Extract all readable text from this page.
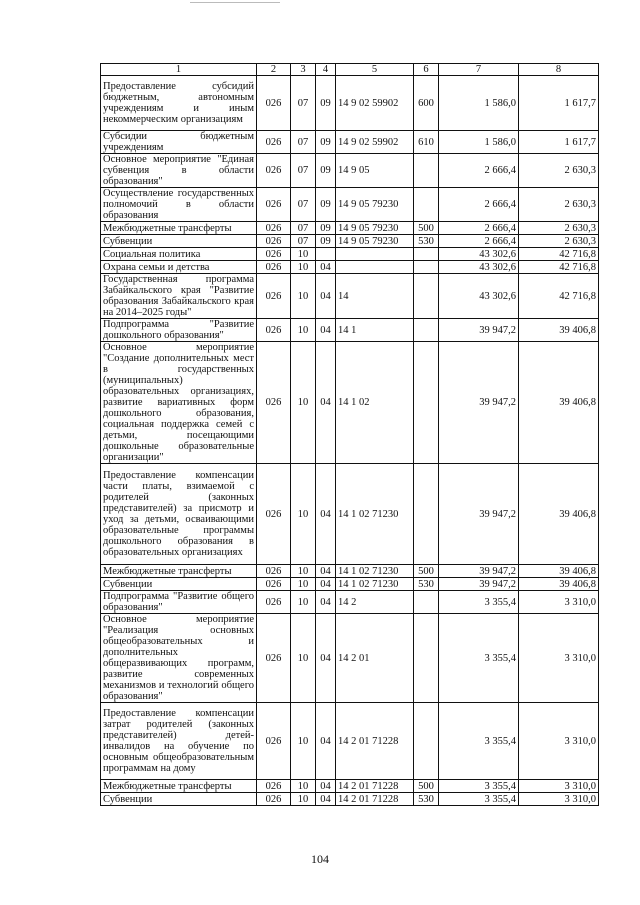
1	2	3	4	5	6	7	8
Предоставление субсидий бюджетным, автономным учреждениям и иным некоммерческим организациям	026	07	09	14 9 02 59902	600	1 586,0	1 617,7
Субсидии бюджетным учреждениям	026	07	09	14 9 02 59902	610	1 586,0	1 617,7
Основное мероприятие "Единая субвенция в области образования"	026	07	09	14 9 05		2 666,4	2 630,3
Осуществление государственных полномочий в области образования	026	07	09	14 9 05 79230		2 666,4	2 630,3
Межбюджетные трансферты	026	07	09	14 9 05 79230	500	2 666,4	2 630,3
Субвенции	026	07	09	14 9 05 79230	530	2 666,4	2 630,3
Социальная политика	026	10				43 302,6	42 716,8
Охрана семьи и детства	026	10	04			43 302,6	42 716,8
Государственная программа Забайкальского края "Развитие образования Забайкальского края на 2014–2025 годы"	026	10	04	14		43 302,6	42 716,8
Подпрограмма "Развитие дошкольного образования"	026	10	04	14 1		39 947,2	39 406,8
Основное мероприятие "Создание дополнительных мест в государственных (муниципальных) образовательных организациях, развитие вариативных форм дошкольного образования, социальная поддержка семей с детьми, посещающими дошкольные образовательные организации"	026	10	04	14 1 02		39 947,2	39 406,8
Предоставление компенсации части платы, взимаемой с родителей (законных представителей) за присмотр и уход за детьми, осваивающими образовательные программы дошкольного образования в образовательных организациях	026	10	04	14 1 02 71230		39 947,2	39 406,8
Межбюджетные трансферты	026	10	04	14 1 02 71230	500	39 947,2	39 406,8
Субвенции	026	10	04	14 1 02 71230	530	39 947,2	39 406,8
Подпрограмма "Развитие общего образования"	026	10	04	14 2		3 355,4	3 310,0
Основное мероприятие "Реализация основных общеобразовательных и дополнительных общеразвивающих программ, развитие современных механизмов и технологий общего образования"	026	10	04	14 2 01		3 355,4	3 310,0
Предоставление компенсации затрат родителей (законных представителей) детей-инвалидов на обучение по основным общеобразовательным программам на дому	026	10	04	14 2 01 71228		3 355,4	3 310,0
Межбюджетные трансферты	026	10	04	14 2 01 71228	500	3 355,4	3 310,0
Субвенции	026	10	04	14 2 01 71228	530	3 355,4	3 310,0
104
